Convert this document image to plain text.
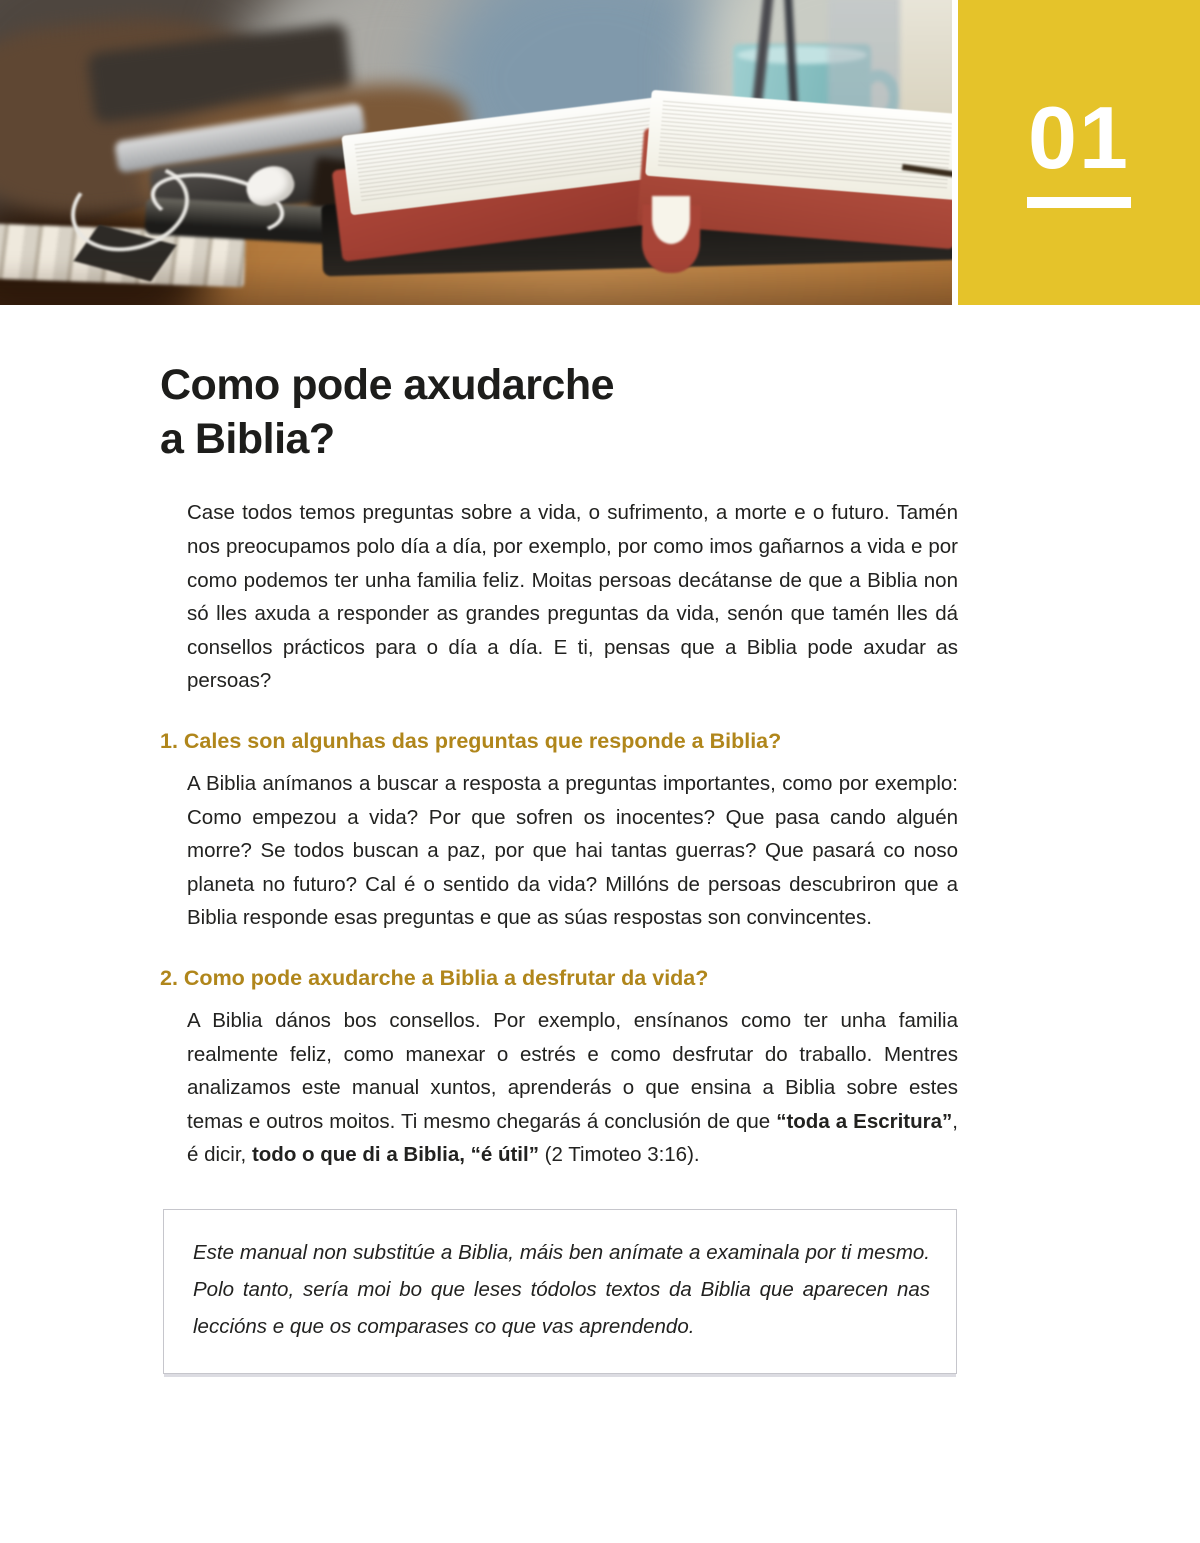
01
Como pode axudarche
a Biblia?

Case todos temos preguntas sobre a vida, o sufrimento, a morte e o futuro. Tamén nos preocupamos polo día a día, por exemplo, por como imos gañarnos a vida e por como podemos ter unha familia feliz. Moitas persoas decátanse de que a Biblia non só lles axuda a responder as grandes preguntas da vida, senón que tamén lles dá consellos prácticos para o día a día. E ti, pensas que a Biblia pode axudar as persoas?

1. Cales son algunhas das preguntas que responde a Biblia?

A Biblia anímanos a buscar a resposta a preguntas importantes, como por exemplo: Como empezou a vida? Por que sofren os inocentes? Que pasa cando alguén morre? Se todos buscan a paz, por que hai tantas guerras? Que pasará co noso planeta no futuro? Cal é o sentido da vida? Millóns de persoas descubriron que a Biblia responde esas preguntas e que as súas respostas son convincentes.

2. Como pode axudarche a Biblia a desfrutar da vida?

A Biblia dános bos consellos. Por exemplo, ensínanos como ter unha familia realmente feliz, como manexar o estrés e como desfrutar do traballo. Mentres analizamos este manual xuntos, aprenderás o que ensina a Biblia sobre estes temas e outros moitos. Ti mesmo chegarás á conclusión de que “toda a Escritura”, é dicir, todo o que di a Biblia, “é útil” (2 Timoteo 3:16).

Este manual non substitúe a Biblia, máis ben anímate a examinala por ti mesmo. Polo tanto, sería moi bo que leses tódolos textos da Biblia que aparecen nas leccións e que os comparases co que vas aprendendo.
